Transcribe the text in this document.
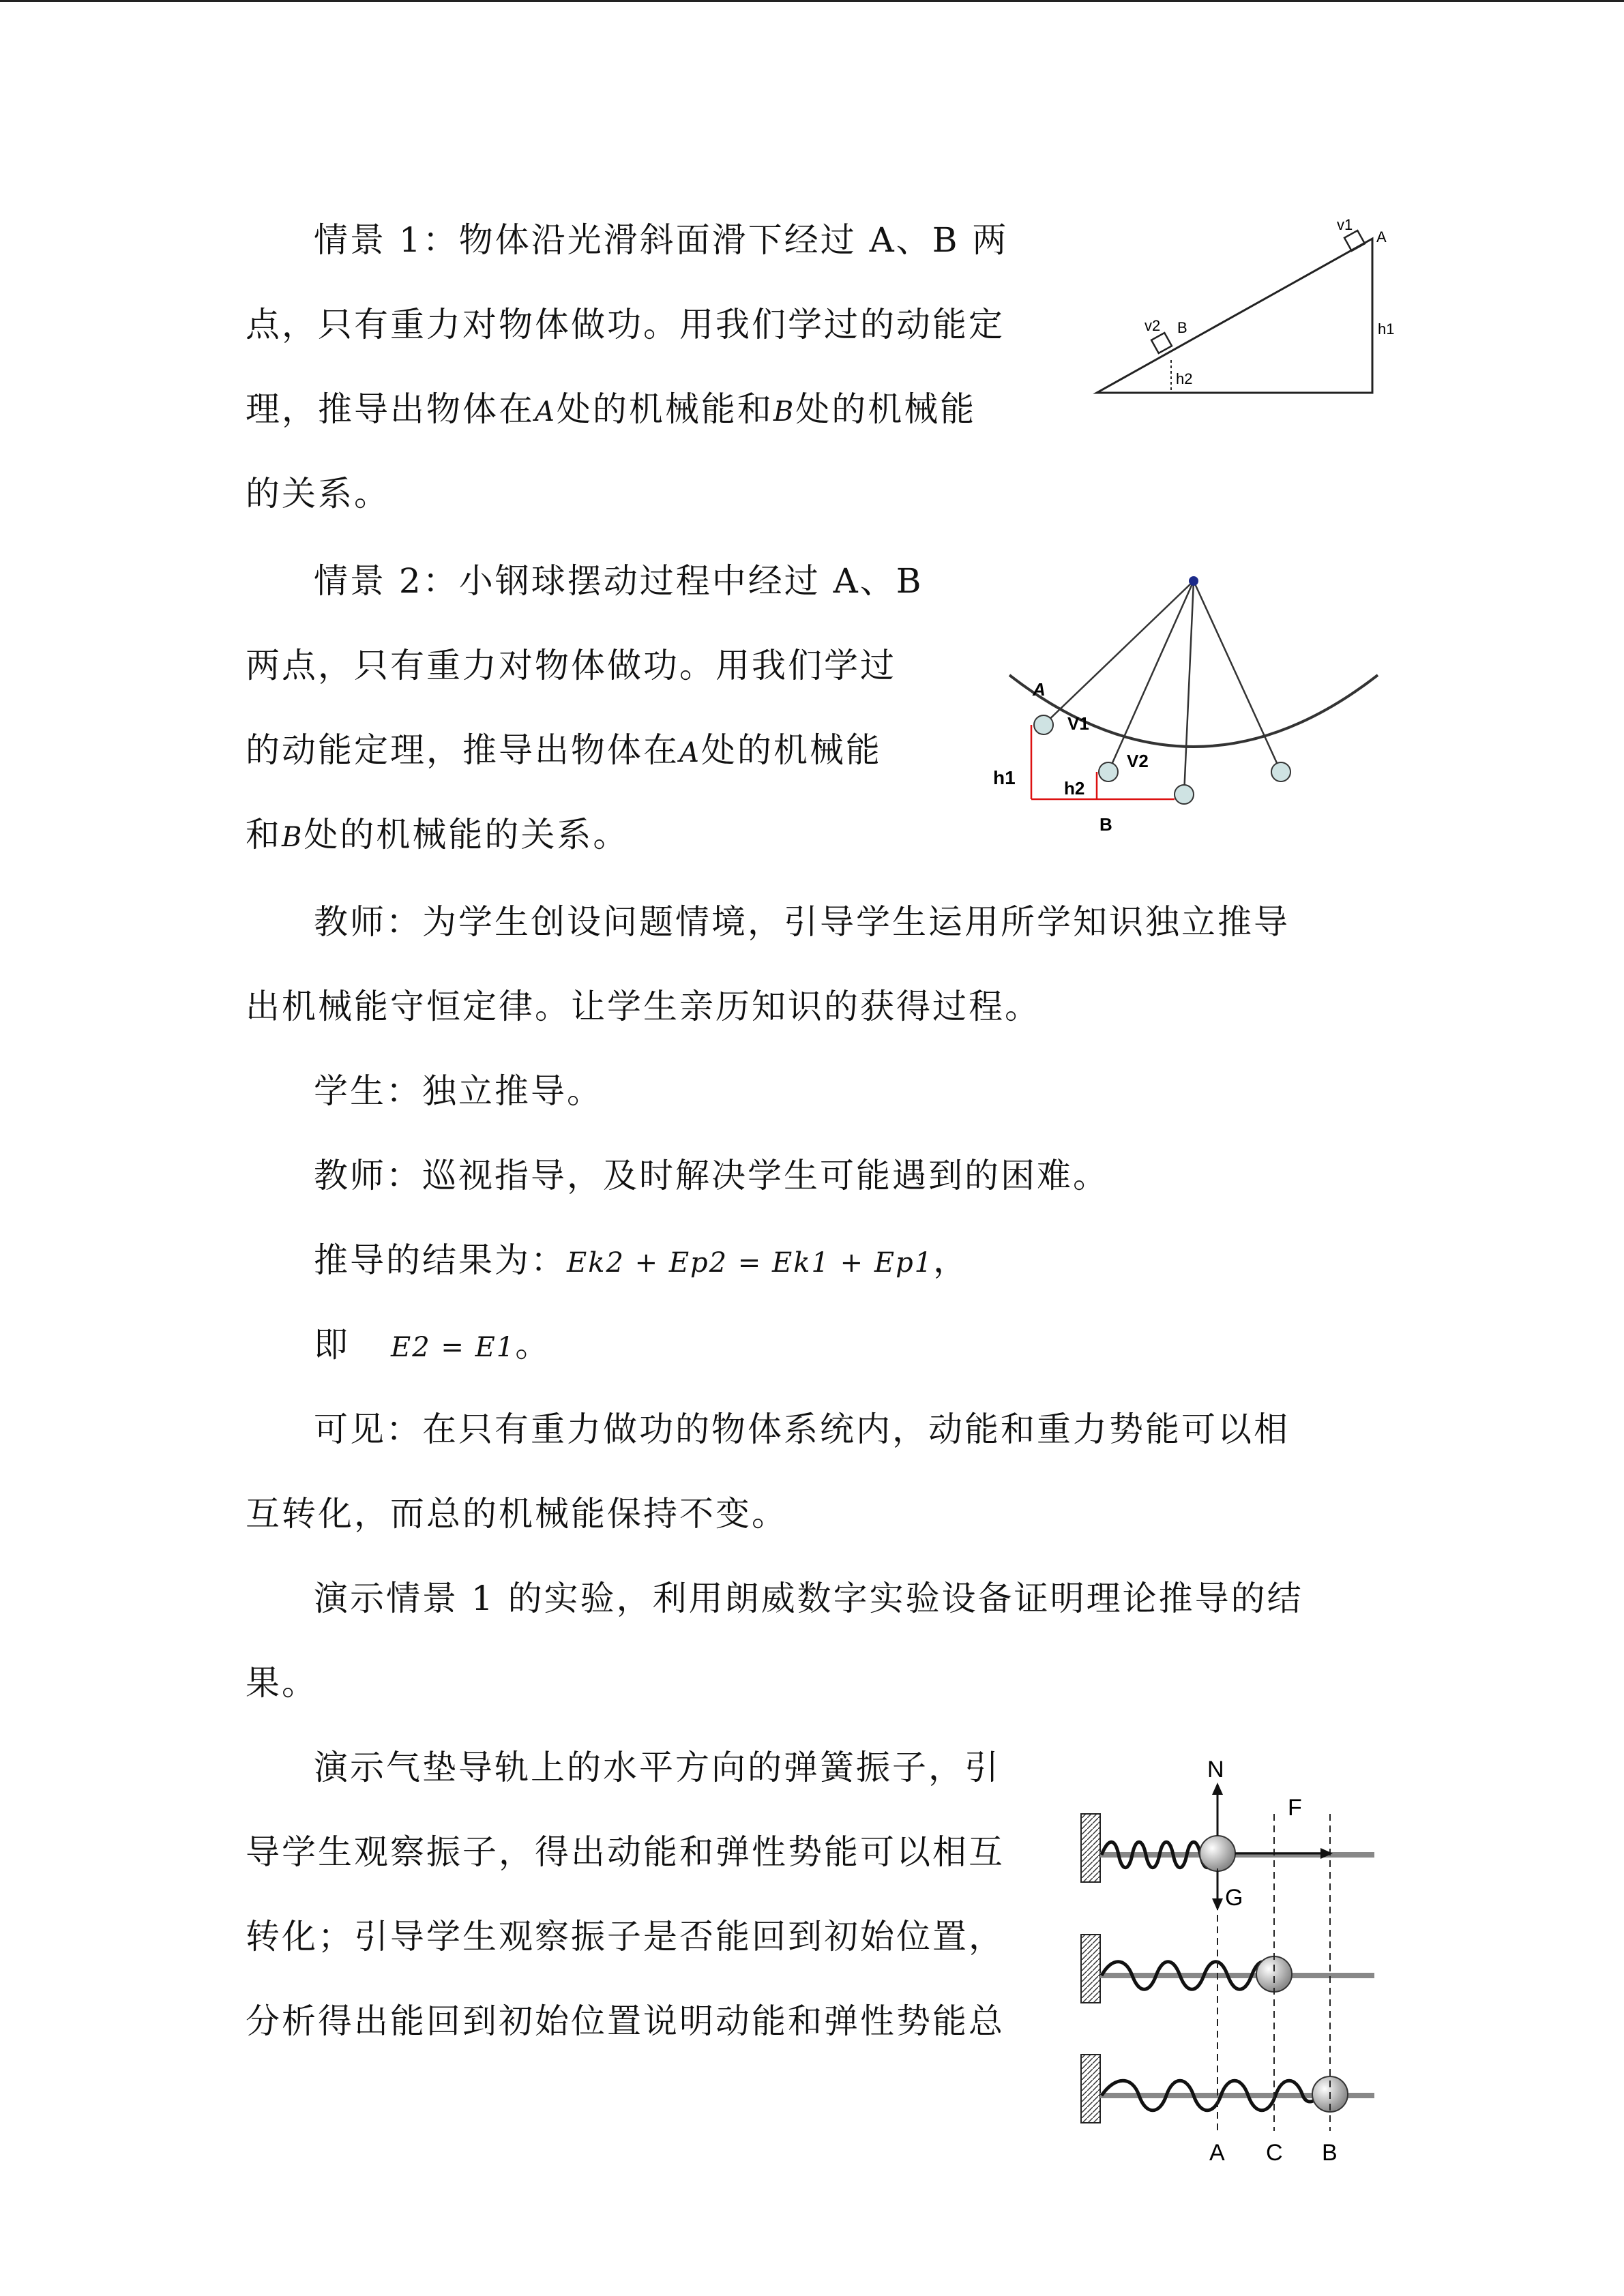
情景 1：物体沿光滑斜面滑下经过 A、B 两

点，只有重力对物体做功。用我们学过的动能定

理，推导出物体在A处的机械能和B处的机械能

的关系。

v1
A
h1
v2 B
h2

情景 2：小钢球摆动过程中经过 A、B

两点，只有重力对物体做功。用我们学过

的动能定理，推导出物体在A处的机械能

和B处的机械能的关系。

A
V1
V2
h1	h2
B

教师：为学生创设问题情境，引导学生运用所学知识独立推导

出机械能守恒定律。让学生亲历知识的获得过程。

学生：独立推导。

教师：巡视指导，及时解决学生可能遇到的困难。

推导的结果为：Ek2 + Ep2 = Ek1 + Ep1，

即 E2 = E1。

可见：在只有重力做功的物体系统内，动能和重力势能可以相

互转化，而总的机械能保持不变。

演示情景 1 的实验，利用朗威数字实验设备证明理论推导的结

果。

演示气垫导轨上的水平方向的弹簧振子，引

导学生观察振子，得出动能和弹性势能可以相互

转化；引导学生观察振子是否能回到初始位置，

分析得出能回到初始位置说明动能和弹性势能总

N
F
G
A C B
